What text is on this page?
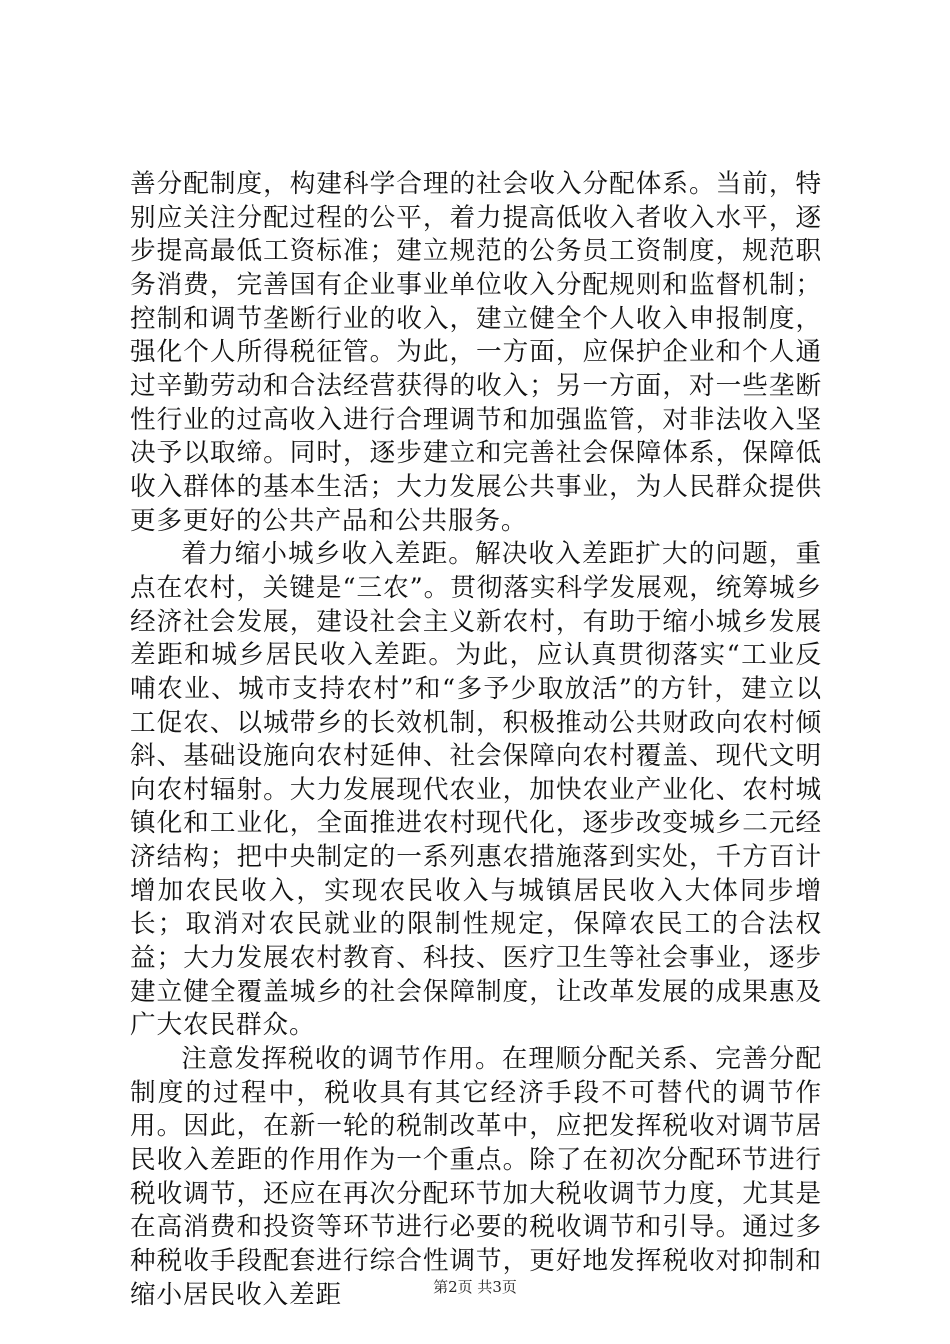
善分配制度，构建科学合理的社会收入分配体系。当前，特别应关注分配过程的公平，着力提高低收入者收入水平，逐步提高最低工资标准；建立规范的公务员工资制度，规范职务消费，完善国有企业事业单位收入分配规则和监督机制；控制和调节垄断行业的收入，建立健全个人收入申报制度，强化个人所得税征管。为此，一方面，应保护企业和个人通过辛勤劳动和合法经营获得的收入；另一方面，对一些垄断性行业的过高收入进行合理调节和加强监管，对非法收入坚决予以取缔。同时，逐步建立和完善社会保障体系，保障低收入群体的基本生活；大力发展公共事业，为人民群众提供更多更好的公共产品和公共服务。

着力缩小城乡收入差距。解决收入差距扩大的问题，重点在农村，关键是“三农”。贯彻落实科学发展观，统筹城乡经济社会发展，建设社会主义新农村，有助于缩小城乡发展差距和城乡居民收入差距。为此，应认真贯彻落实“工业反哺农业、城市支持农村”和“多予少取放活”的方针，建立以工促农、以城带乡的长效机制，积极推动公共财政向农村倾斜、基础设施向农村延伸、社会保障向农村覆盖、现代文明向农村辐射。大力发展现代农业，加快农业产业化、农村城镇化和工业化，全面推进农村现代化，逐步改变城乡二元经济结构；把中央制定的一系列惠农措施落到实处，千方百计增加农民收入，实现农民收入与城镇居民收入大体同步增长；取消对农民就业的限制性规定，保障农民工的合法权益；大力发展农村教育、科技、医疗卫生等社会事业，逐步建立健全覆盖城乡的社会保障制度，让改革发展的成果惠及广大农民群众。

注意发挥税收的调节作用。在理顺分配关系、完善分配制度的过程中，税收具有其它经济手段不可替代的调节作用。因此，在新一轮的税制改革中，应把发挥税收对调节居民收入差距的作用作为一个重点。除了在初次分配环节进行税收调节，还应在再次分配环节加大税收调节力度，尤其是在高消费和投资等环节进行必要的税收调节和引导。通过多种税收手段配套进行综合性调节，更好地发挥税收对抑制和缩小居民收入差距	第2页 共3页
